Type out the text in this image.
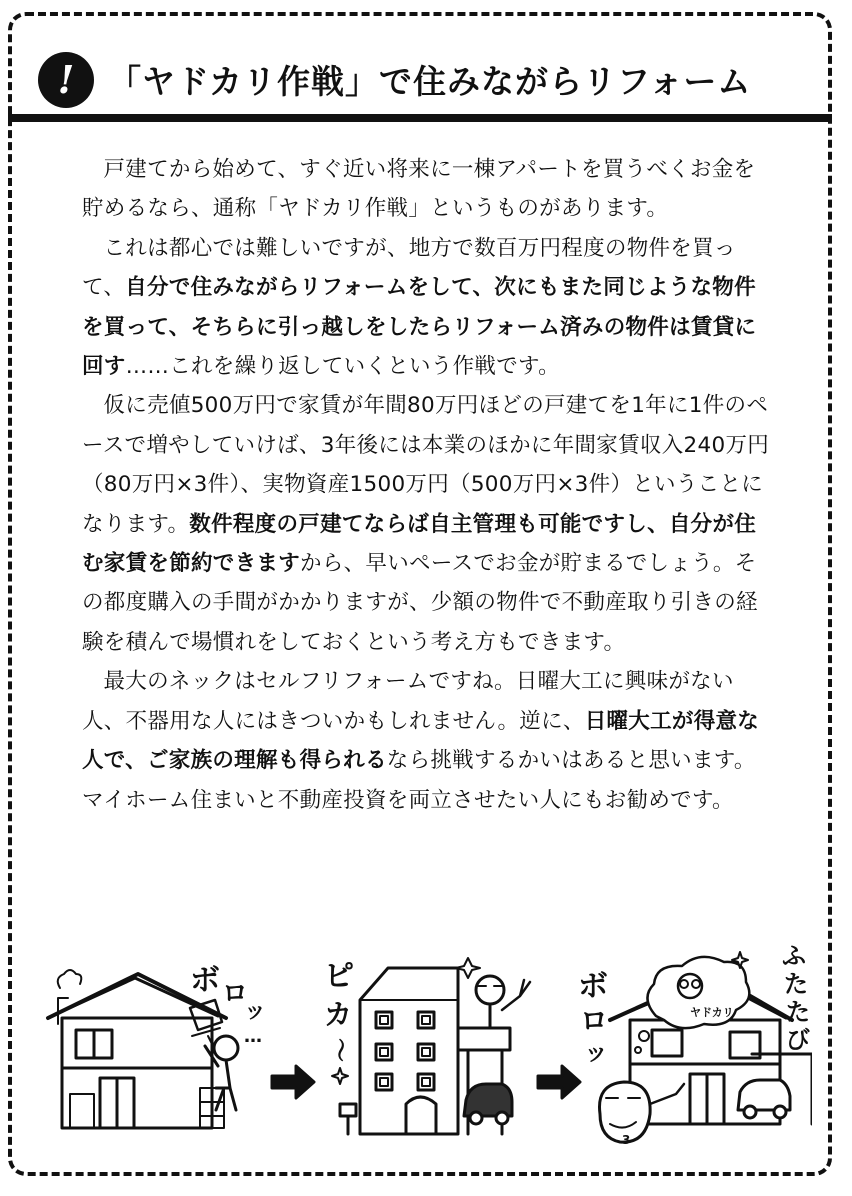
!	「ヤドカリ作戦」で住みながらリフォーム

戸建てから始めて、すぐ近い将来に一棟アパートを買うべくお金を貯めるなら、通称「ヤドカリ作戦」というものがあります。

これは都心では難しいですが、地方で数百万円程度の物件を買って、自分で住みながらリフォームをして、次にもまた同じような物件を買って、そちらに引っ越しをしたらリフォーム済みの物件は賃貸に回す……これを繰り返していくという作戦です。

仮に売値500万円で家賃が年間80万円ほどの戸建てを1年に1件のペースで増やしていけば、3年後には本業のほかに年間家賃収入240万円（80万円×3件）、実物資産1500万円（500万円×3件）ということになります。数件程度の戸建てならば自主管理も可能ですし、自分が住む家賃を節約できますから、早いペースでお金が貯まるでしょう。その都度購入の手間がかかりますが、少額の物件で不動産取り引きの経験を積んで場慣れをしておくという考え方もできます。

最大のネックはセルフリフォームですね。日曜大工に興味がない人、不器用な人にはきついかもしれません。逆に、日曜大工が得意な人で、ご家族の理解も得られるなら挑戦するかいはあると思います。マイホーム住まいと不動産投資を両立させたい人にもお勧めです。

ボ ロ
ッ
…
ピ
カ
〜
ボ
ロ
ッ
ヤドカリ
ふ
た
た
び
3
